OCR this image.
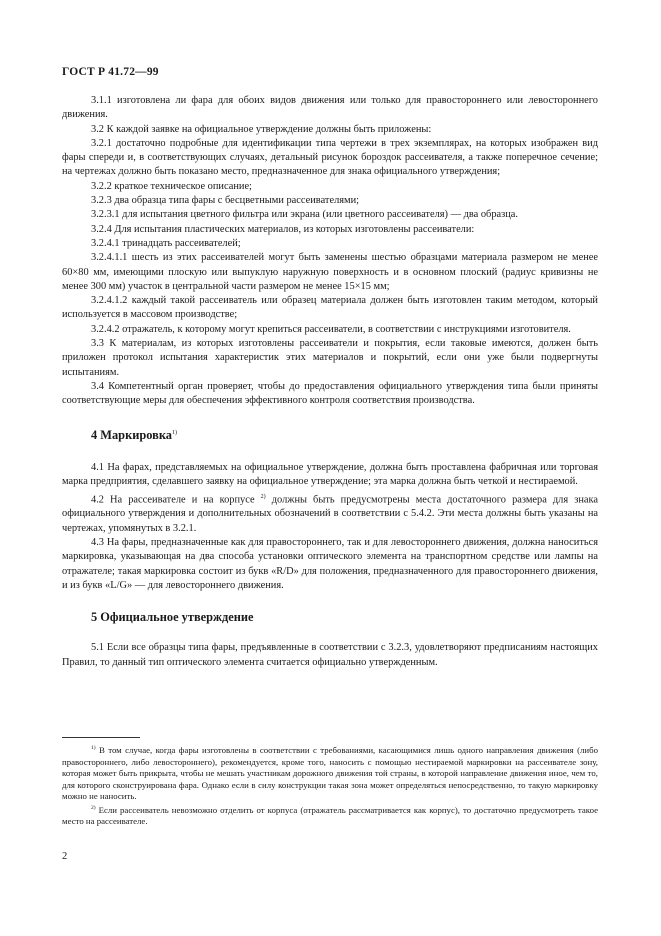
ГОСТ Р 41.72—99

3.1.1 изготовлена ли фара для обоих видов движения или только для правостороннего или левостороннего движения.

3.2 К каждой заявке на официальное утверждение должны быть приложены:

3.2.1 достаточно подробные для идентификации типа чертежи в трех экземплярах, на которых изображен вид фары спереди и, в соответствующих случаях, детальный рисунок бороздок рассеивателя, а также поперечное сечение; на чертежах должно быть показано место, предназначенное для знака официального утверждения;

3.2.2 краткое техническое описание;

3.2.3 два образца типа фары с бесцветными рассеивателями;

3.2.3.1 для испытания цветного фильтра или экрана (или цветного рассеивателя) — два образца.

3.2.4 Для испытания пластических материалов, из которых изготовлены рассеиватели:

3.2.4.1 тринадцать рассеивателей;

3.2.4.1.1 шесть из этих рассеивателей могут быть заменены шестью образцами материала размером не менее 60×80 мм, имеющими плоскую или выпуклую наружную поверхность и в основном плоский (радиус кривизны не менее 300 мм) участок в центральной части размером не менее 15×15 мм;

3.2.4.1.2 каждый такой рассеиватель или образец материала должен быть изготовлен таким методом, который используется в массовом производстве;

3.2.4.2 отражатель, к которому могут крепиться рассеиватели, в соответствии с инструкциями изготовителя.

3.3 К материалам, из которых изготовлены рассеиватели и покрытия, если таковые имеются, должен быть приложен протокол испытания характеристик этих материалов и покрытий, если они уже были подвергнуты испытаниям.

3.4 Компетентный орган проверяет, чтобы до предоставления официального утверждения типа были приняты соответствующие меры для обеспечения эффективного контроля соответствия производства.

4 Маркировка$^{1)}$

4.1 На фарах, представляемых на официальное утверждение, должна быть проставлена фабричная или торговая марка предприятия, сделавшего заявку на официальное утверждение; эта марка должна быть четкой и нестираемой.

4.2 На рассеивателе и на корпусе $^{2)}$ должны быть предусмотрены места достаточного размера для знака официального утверждения и дополнительных обозначений в соответствии с 5.4.2. Эти места должны быть указаны на чертежах, упомянутых в 3.2.1.

4.3 На фары, предназначенные как для правостороннего, так и для левостороннего движения, должна наноситься маркировка, указывающая на два способа установки оптического элемента на транспортном средстве или лампы на отражателе; такая маркировка состоит из букв «R/D» для положения, предназначенного для правостороннего движения, и из букв «L/G» — для левостороннего движения.

5 Официальное утверждение

5.1 Если все образцы типа фары, предъявленные в соответствии с 3.2.3, удовлетворяют предписаниям настоящих Правил, то данный тип оптического элемента считается официально утвержденным.

$^{1)}$ В том случае, когда фары изготовлены в соответствии с требованиями, касающимися лишь одного направления движения (либо правостороннего, либо левостороннего), рекомендуется, кроме того, наносить с помощью нестираемой маркировки на рассеивателе зону, которая может быть прикрыта, чтобы не мешать участникам дорожного движения той страны, в которой направление движения иное, чем то, для которого сконструирована фара. Однако если в силу конструкции такая зона может определяться непосредственно, то такую маркировку можно не наносить.

$^{2)}$ Если рассеиватель невозможно отделить от корпуса (отражатель рассматривается как корпус), то достаточно предусмотреть такое место на рассеивателе.

2
